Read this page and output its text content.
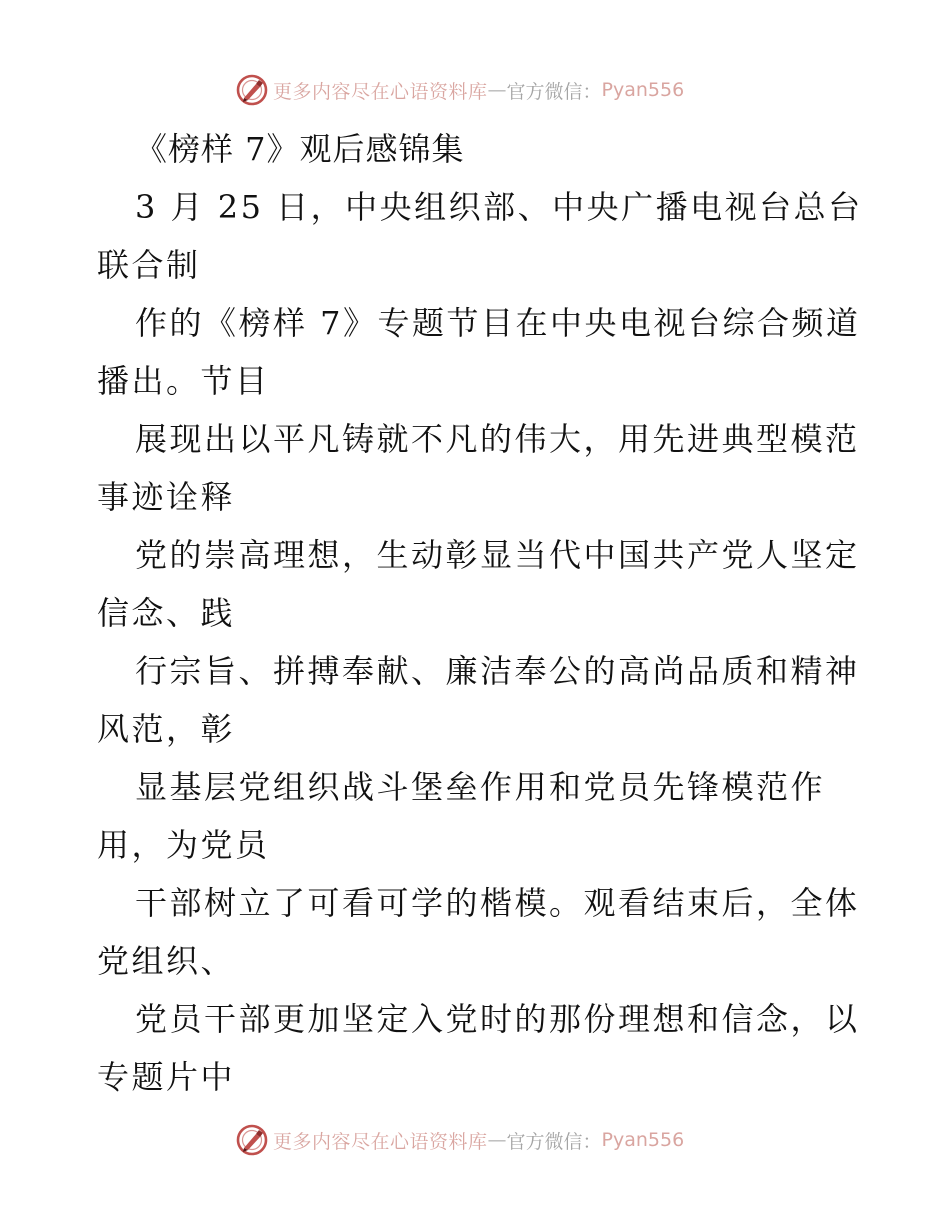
更多内容尽在心语资料库 — 官方微信： Pyan556
《榜样 7》观后感锦集
3 月 25 日，中央组织部、中央广播电视台总台
联合制
作的《榜样 7》专题节目在中央电视台综合频道
播出。节目
展现出以平凡铸就不凡的伟大，用先进典型模范
事迹诠释
党的崇高理想，生动彰显当代中国共产党人坚定
信念、践
行宗旨、拼搏奉献、廉洁奉公的高尚品质和精神
风范，彰
显基层党组织战斗堡垒作用和党员先锋模范作
用，为党员
干部树立了可看可学的楷模。观看结束后，全体
党组织、
党员干部更加坚定入党时的那份理想和信念，以
专题片中
更多内容尽在心语资料库 — 官方微信： Pyan556
